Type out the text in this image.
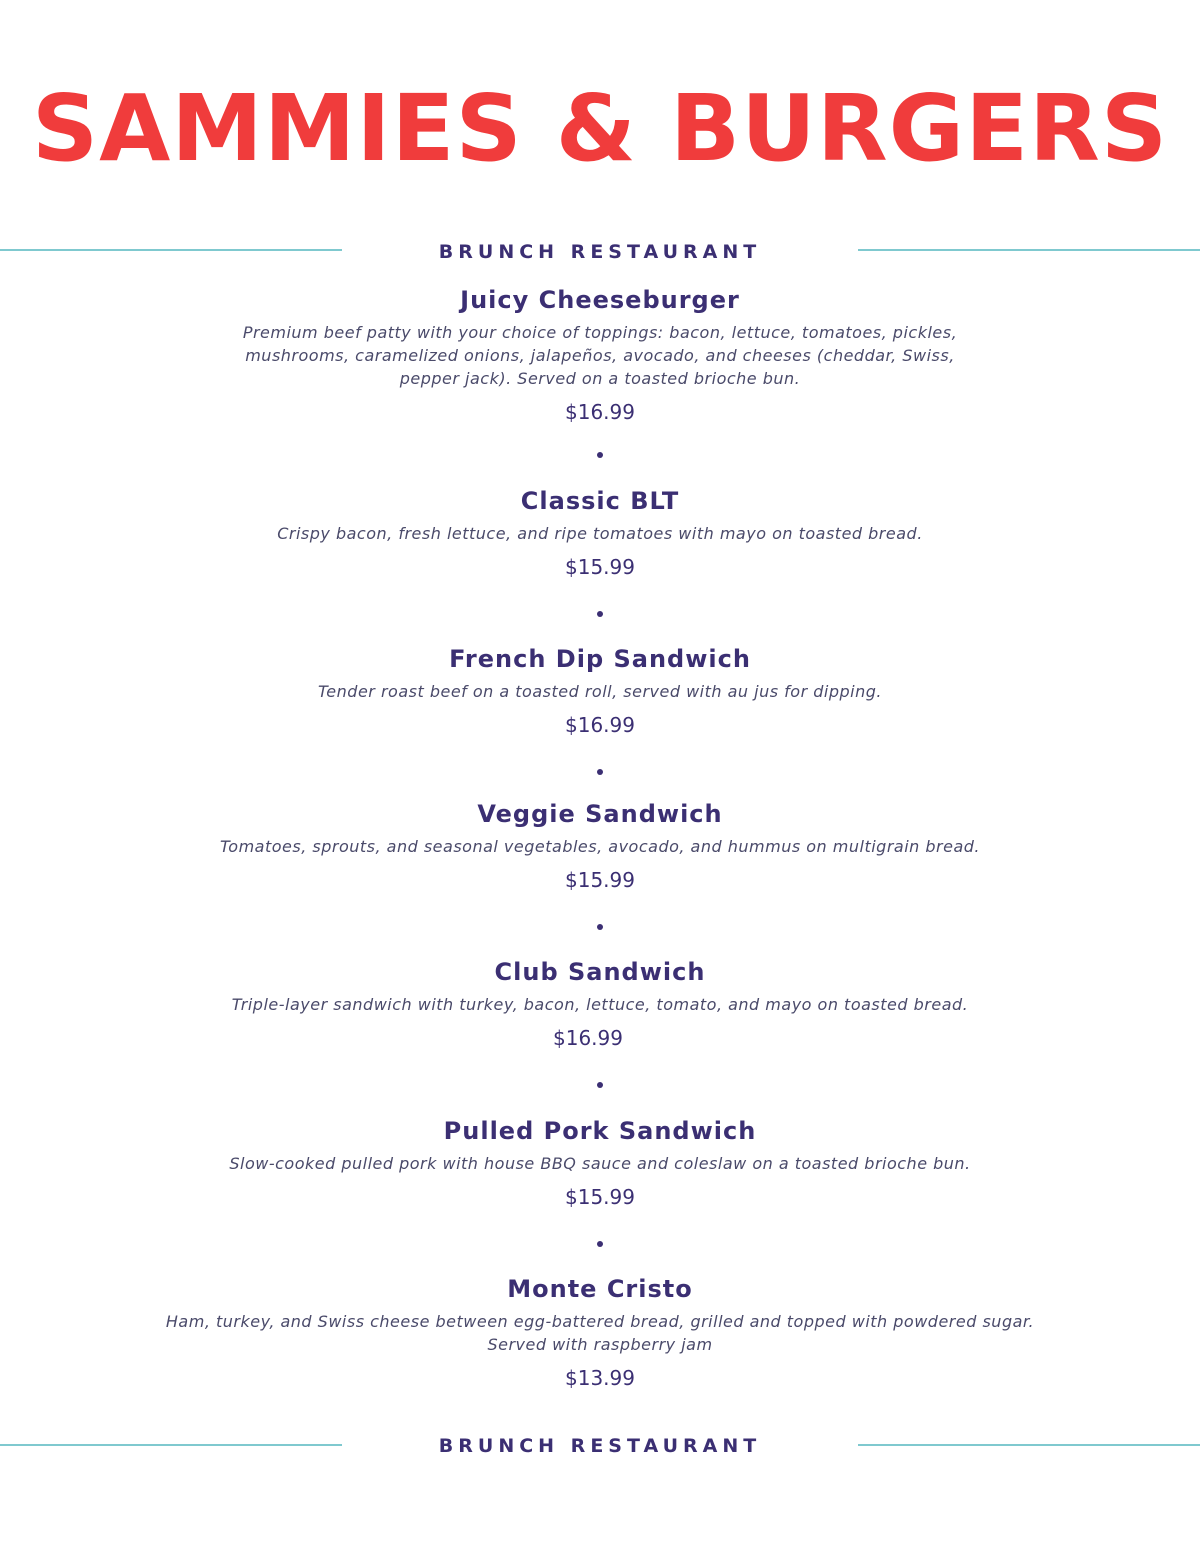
SAMMIES & BURGERS
BRUNCH RESTAURANT
Juicy Cheeseburger
Premium beef patty with your choice of toppings: bacon, lettuce, tomatoes, pickles, mushrooms, caramelized onions, jalapeños, avocado, and cheeses (cheddar, Swiss, pepper jack). Served on a toasted brioche bun.
$16.99
Classic BLT
Crispy bacon, fresh lettuce, and ripe tomatoes with mayo on toasted bread.
$15.99
French Dip Sandwich
Tender roast beef on a toasted roll, served with au jus for dipping.
$16.99
Veggie Sandwich
Tomatoes, sprouts, and seasonal vegetables, avocado, and hummus on multigrain bread.
$15.99
Club Sandwich
Triple-layer sandwich with turkey, bacon, lettuce, tomato, and mayo on toasted bread.
$16.99
Pulled Pork Sandwich
Slow-cooked pulled pork with house BBQ sauce and coleslaw on a toasted brioche bun.
$15.99
Monte Cristo
Ham, turkey, and Swiss cheese between egg-battered bread, grilled and topped with powdered sugar. Served with raspberry jam
$13.99
BRUNCH RESTAURANT
